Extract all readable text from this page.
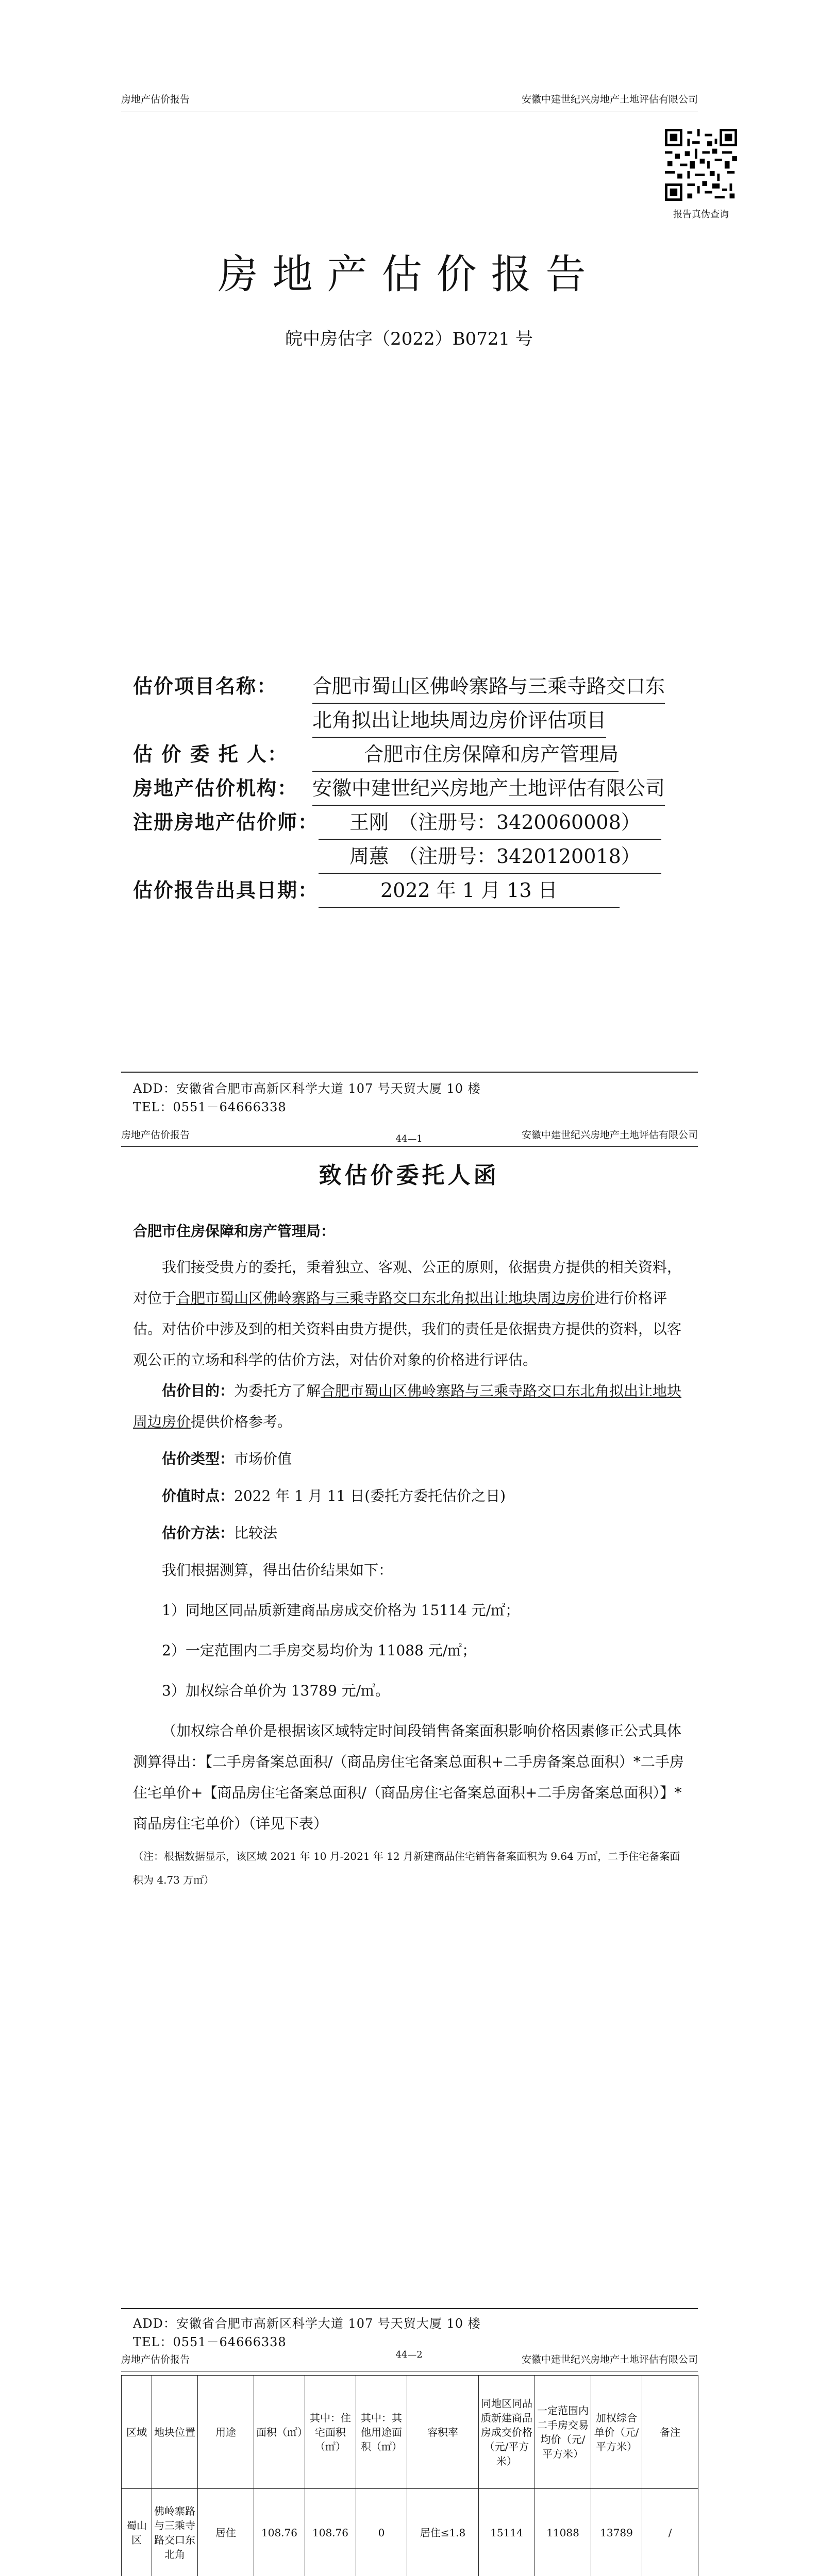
房地产估价报告	安徽中建世纪兴房地产土地评估有限公司
报告真伪查询
房地产估价报告
皖中房估字（2022）B0721 号
估价项目名称：	合肥市蜀山区佛岭寨路与三乘寺路交口东
北角拟出让地块周边房价评估项目
估 价 委 托 人：	合肥市住房保障和房产管理局
房地产估价机构： 安徽中建世纪兴房地产土地评估有限公司
注册房地产估价师：	王刚　（注册号：3420060008）
周蕙　（注册号：3420120018）
估价报告出具日期：	2022 年 1 月 13 日
ADD：安徽省合肥市高新区科学大道 107 号天贸大厦 10 楼
TEL：0551－64666338
44—1
房地产估价报告	安徽中建世纪兴房地产土地评估有限公司
致估价委托人函

合肥市住房保障和房产管理局：

我们接受贵方的委托，秉着独立、客观、公正的原则，依据贵方提供的相关资料，对位于合肥市蜀山区佛岭寨路与三乘寺路交口东北角拟出让地块周边房价进行价格评估。对估价中涉及到的相关资料由贵方提供，我们的责任是依据贵方提供的资料，以客观公正的立场和科学的估价方法，对估价对象的价格进行评估。

估价目的：为委托方了解合肥市蜀山区佛岭寨路与三乘寺路交口东北角拟出让地块周边房价提供价格参考。

估价类型：市场价值

价值时点：2022 年 1 月 11 日(委托方委托估价之日)

估价方法：比较法

我们根据测算，得出估价结果如下：

1）同地区同品质新建商品房成交价格为 15114 元/㎡；

2）一定范围内二手房交易均价为 11088 元/㎡；

3）加权综合单价为 13789 元/㎡。

（加权综合单价是根据该区域特定时间段销售备案面积影响价格因素修正公式具体测算得出：【二手房备案总面积/（商品房住宅备案总面积+二手房备案总面积）*二手房住宅单价+【商品房住宅备案总面积/（商品房住宅备案总面积+二手房备案总面积）】*商品房住宅单价）（详见下表）

（注：根据数据显示，该区域 2021 年 10 月-2021 年 12 月新建商品住宅销售备案面积为 9.64 万㎡，二手住宅备案面积为 4.73 万㎡）

ADD：安徽省合肥市高新区科学大道 107 号天贸大厦 10 楼
TEL：0551－64666338
44—2
房地产估价报告	安徽中建世纪兴房地产土地评估有限公司
区域	地块位置	用途	面积（㎡）	其中：住宅面积（㎡）	其中：其他用途面积（㎡）	容积率	同地区同品质新建商品房成交价格（元/平方米）	一定范围内二手房交易均价（元/平方米）	加权综合单价（元/平方米）	备注
蜀山区	佛岭寨路与三乘寺路交口东北角	居住	108.76	108.76	0	居住≤1.8	15114	11088	13789	/
